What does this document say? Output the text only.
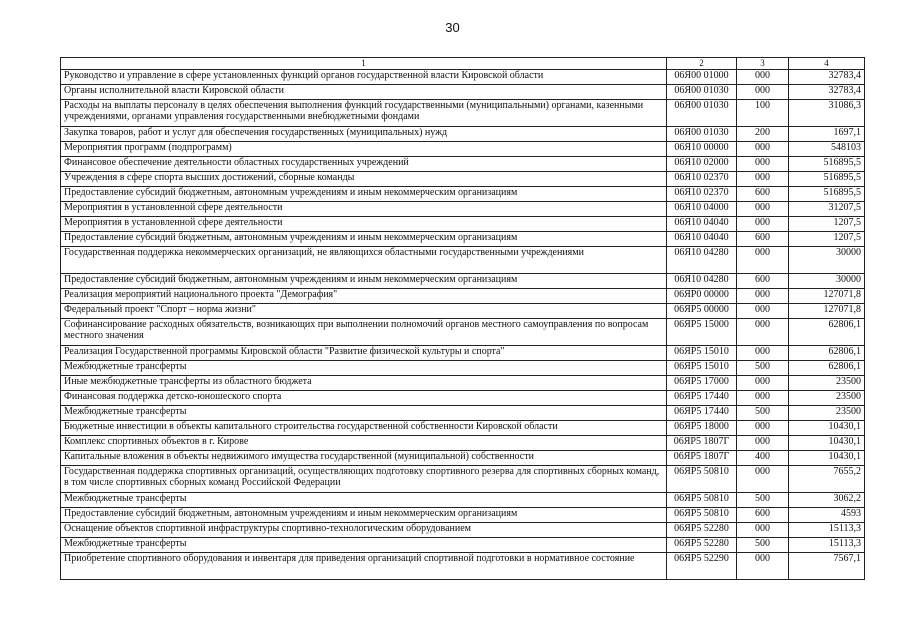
30
1	2	3	4
Руководство и управление в сфере установленных функций органов государственной власти Кировской области	06Я00 01000	000	32783,4
Органы исполнительной власти Кировской области	06Я00 01030	000	32783,4
Расходы на выплаты персоналу в целях обеспечения выполнения функций государственными (муниципальными) органами, казенными учреждениями, органами управления государственными внебюджетными фондами	06Я00 01030	100	31086,3
Закупка товаров, работ и услуг для обеспечения государственных (муниципальных) нужд	06Я00 01030	200	1697,1
Мероприятия программ (подпрограмм)	06Я10 00000	000	548103
Финансовое обеспечение деятельности областных государственных учреждений	06Я10 02000	000	516895,5
Учреждения в сфере спорта высших достижений, сборные команды	06Я10 02370	000	516895,5
Предоставление субсидий бюджетным, автономным учреждениям и иным некоммерческим организациям	06Я10 02370	600	516895,5
Мероприятия в установленной сфере деятельности	06Я10 04000	000	31207,5
Мероприятия в установленной сфере деятельности	06Я10 04040	000	1207,5
Предоставление субсидий бюджетным, автономным учреждениям и иным некоммерческим организациям	06Я10 04040	600	1207,5
Государственная поддержка некоммерческих организаций, не являющихся областными государственными учреждениями	06Я10 04280	000	30000
Предоставление субсидий бюджетным, автономным учреждениям и иным некоммерческим организациям	06Я10 04280	600	30000
Реализация мероприятий национального проекта "Демография"	06ЯР0 00000	000	127071,8
Федеральный проект "Спорт – норма жизни"	06ЯР5 00000	000	127071,8
Софинансирование расходных обязательств, возникающих при выполнении полномочий органов местного самоуправления по вопросам местного значения	06ЯР5 15000	000	62806,1
Реализация Государственной программы Кировской области "Развитие физической культуры и спорта"	06ЯР5 15010	000	62806,1
Межбюджетные трансферты	06ЯР5 15010	500	62806,1
Иные межбюджетные трансферты из областного бюджета	06ЯР5 17000	000	23500
Финансовая поддержка детско-юношеского спорта	06ЯР5 17440	000	23500
Межбюджетные трансферты	06ЯР5 17440	500	23500
Бюджетные инвестиции в объекты капитального строительства государственной собственности Кировской области	06ЯР5 18000	000	10430,1
Комплекс спортивных объектов в г. Кирове	06ЯР5 1807Г	000	10430,1
Капитальные вложения в объекты недвижимого имущества государственной (муниципальной) собственности	06ЯР5 1807Г	400	10430,1
Государственная поддержка спортивных организаций, осуществляющих подготовку спортивного резерва для спортивных сборных команд, в том числе спортивных сборных команд Российской Федерации	06ЯР5 50810	000	7655,2
Межбюджетные трансферты	06ЯР5 50810	500	3062,2
Предоставление субсидий бюджетным, автономным учреждениям и иным некоммерческим организациям	06ЯР5 50810	600	4593
Оснащение объектов спортивной инфраструктуры спортивно-технологическим оборудованием	06ЯР5 52280	000	15113,3
Межбюджетные трансферты	06ЯР5 52280	500	15113,3
Приобретение спортивного оборудования и инвентаря для приведения организаций спортивной подготовки в нормативное состояние	06ЯР5 52290	000	7567,1
